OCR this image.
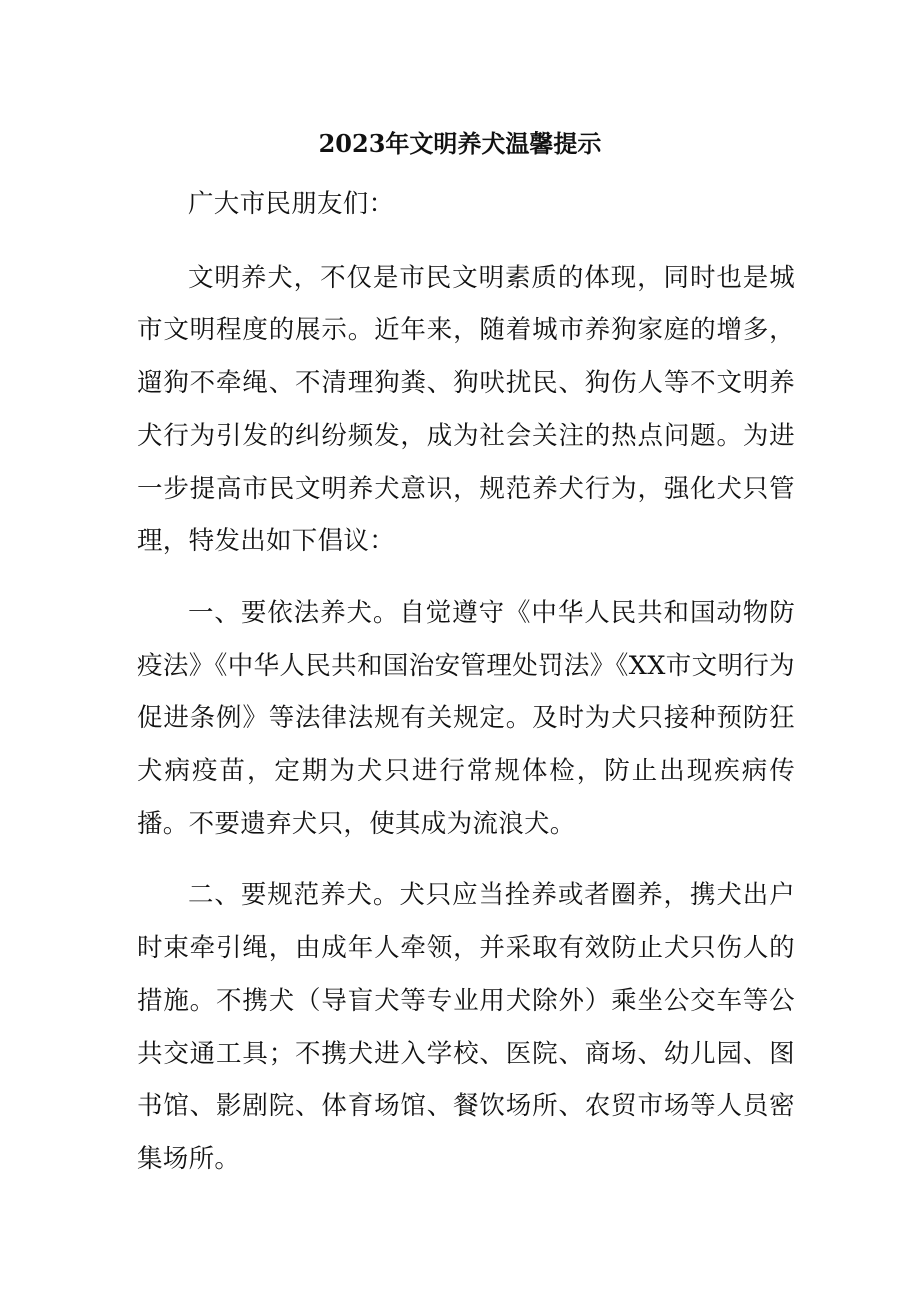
2023年文明养犬温馨提示

广大市民朋友们：

文明养犬，不仅是市民文明素质的体现，同时也是城市文明程度的展示。近年来，随着城市养狗家庭的增多，遛狗不牵绳、不清理狗粪、狗吠扰民、狗伤人等不文明养犬行为引发的纠纷频发，成为社会关注的热点问题。为进一步提高市民文明养犬意识，规范养犬行为，强化犬只管理，特发出如下倡议：

一、要依法养犬。自觉遵守《中华人民共和国动物防疫法》《中华人民共和国治安管理处罚法》《XX市文明行为促进条例》等法律法规有关规定。及时为犬只接种预防狂犬病疫苗，定期为犬只进行常规体检，防止出现疾病传播。不要遗弃犬只，使其成为流浪犬。

二、要规范养犬。犬只应当拴养或者圈养，携犬出户时束牵引绳，由成年人牵领，并采取有效防止犬只伤人的措施。不携犬（导盲犬等专业用犬除外）乘坐公交车等公共交通工具；不携犬进入学校、医院、商场、幼儿园、图书馆、影剧院、体育场馆、餐饮场所、农贸市场等人员密集场所。
